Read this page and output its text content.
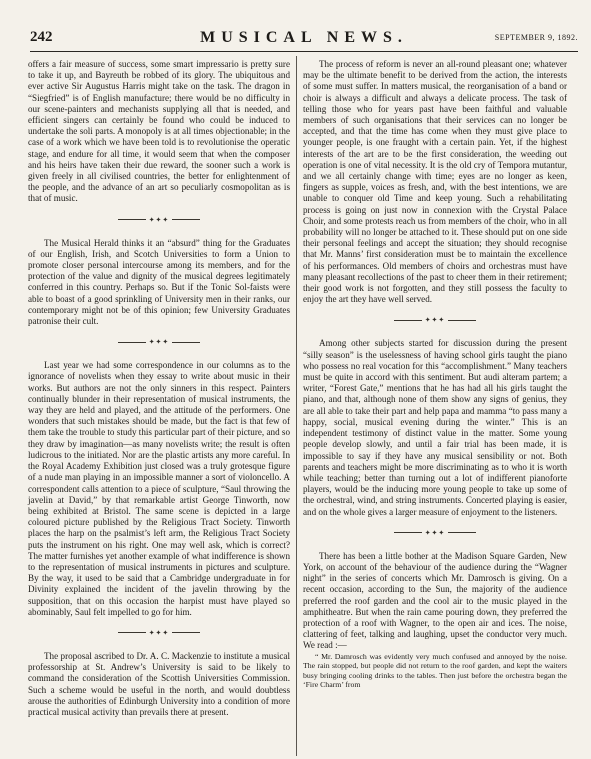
242	MUSICAL NEWS.	SEPTEMBER 9, 1892.

offers a fair measure of success, some smart impressario is pretty sure to take it up, and Bayreuth be robbed of its glory. The ubiquitous and ever active Sir Augustus Harris might take on the task. The dragon in “Siegfried” is of English manufacture; there would be no difficulty in our scene-painters and mechanists supplying all that is needed, and efficient singers can certainly be found who could be induced to undertake the soli parts. A monopoly is at all times objectionable; in the case of a work which we have been told is to revolutionise the operatic stage, and endure for all time, it would seem that when the composer and his heirs have taken their due reward, the sooner such a work is given freely in all civilised countries, the better for enlightenment of the people, and the advance of an art so peculiarly cosmopolitan as is that of music.

✦✦✦

The Musical Herald thinks it an “absurd” thing for the Graduates of our English, Irish, and Scotch Universities to form a Union to promote closer personal intercourse among its members, and for the protection of the value and dignity of the musical degrees legitimately conferred in this country. Perhaps so. But if the Tonic Sol-faists were able to boast of a good sprinkling of University men in their ranks, our contemporary might not be of this opinion; few University Graduates patronise their cult.

✦✦✦

Last year we had some correspondence in our columns as to the ignorance of novelists when they essay to write about music in their works. But authors are not the only sinners in this respect. Painters continually blunder in their representation of musical instruments, the way they are held and played, and the attitude of the performers. One wonders that such mistakes should be made, but the fact is that few of them take the trouble to study this particular part of their picture, and so they draw by imagination—as many novelists write; the result is often ludicrous to the initiated. Nor are the plastic artists any more careful. In the Royal Academy Exhibition just closed was a truly grotesque figure of a nude man playing in an impossible manner a sort of violoncello. A correspondent calls attention to a piece of sculpture, “Saul throwing the javelin at David,” by that remarkable artist George Tinworth, now being exhibited at Bristol. The same scene is depicted in a large coloured picture published by the Religious Tract Society. Tinworth places the harp on the psalmist’s left arm, the Religious Tract Society puts the instrument on his right. One may well ask, which is correct? The matter furnishes yet another example of what indifference is shown to the representation of musical instruments in pictures and sculpture. By the way, it used to be said that a Cambridge undergraduate in for Divinity explained the incident of the javelin throwing by the supposition, that on this occasion the harpist must have played so abominably, Saul felt impelled to go for him.

✦✦✦

The proposal ascribed to Dr. A. C. Mackenzie to institute a musical professorship at St. Andrew’s University is said to be likely to command the consideration of the Scottish Universities Commission. Such a scheme would be useful in the north, and would doubtless arouse the authorities of Edinburgh University into a condition of more practical musical activity than prevails there at present.

The process of reform is never an all-round pleasant one; whatever may be the ultimate benefit to be derived from the action, the interests of some must suffer. In matters musical, the reorganisation of a band or choir is always a difficult and always a delicate process. The task of telling those who for years past have been faithful and valuable members of such organisations that their services can no longer be accepted, and that the time has come when they must give place to younger people, is one fraught with a certain pain. Yet, if the highest interests of the art are to be the first consideration, the weeding out operation is one of vital necessity. It is the old cry of Tempora mutantur, and we all certainly change with time; eyes are no longer as keen, fingers as supple, voices as fresh, and, with the best intentions, we are unable to conquer old Time and keep young. Such a rehabilitating process is going on just now in connexion with the Crystal Palace Choir, and some protests reach us from members of the choir, who in all probability will no longer be attached to it. These should put on one side their personal feelings and accept the situation; they should recognise that Mr. Manns’ first consideration must be to maintain the excellence of his performances. Old members of choirs and orchestras must have many pleasant recollections of the past to cheer them in their retirement; their good work is not forgotten, and they still possess the faculty to enjoy the art they have well served.

✦✦✦

Among other subjects started for discussion during the present “silly season” is the uselessness of having school girls taught the piano who possess no real vocation for this “accomplishment.” Many teachers must be quite in accord with this sentiment. But audi alteram partem; a writer, “Forest Gate,” mentions that he has had all his girls taught the piano, and that, although none of them show any signs of genius, they are all able to take their part and help papa and mamma “to pass many a happy, social, musical evening during the winter.” This is an independent testimony of distinct value in the matter. Some young people develop slowly, and until a fair trial has been made, it is impossible to say if they have any musical sensibility or not. Both parents and teachers might be more discriminating as to who it is worth while teaching; better than turning out a lot of indifferent pianoforte players, would be the inducing more young people to take up some of the orchestral, wind, and string instruments. Concerted playing is easier, and on the whole gives a larger measure of enjoyment to the listeners.

✦✦✦

There has been a little bother at the Madison Square Garden, New York, on account of the behaviour of the audience during the “Wagner night” in the series of concerts which Mr. Damrosch is giving. On a recent occasion, according to the Sun, the majority of the audience preferred the roof garden and the cool air to the music played in the amphitheatre. But when the rain came pouring down, they preferred the protection of a roof with Wagner, to the open air and ices. The noise, clattering of feet, talking and laughing, upset the conductor very much. We read :—

“ Mr. Damrosch was evidently very much confused and annoyed by the noise. The rain stopped, but people did not return to the roof garden, and kept the waiters busy bringing cooling drinks to the tables. Then just before the orchestra began the ‘Fire Charm’ from
